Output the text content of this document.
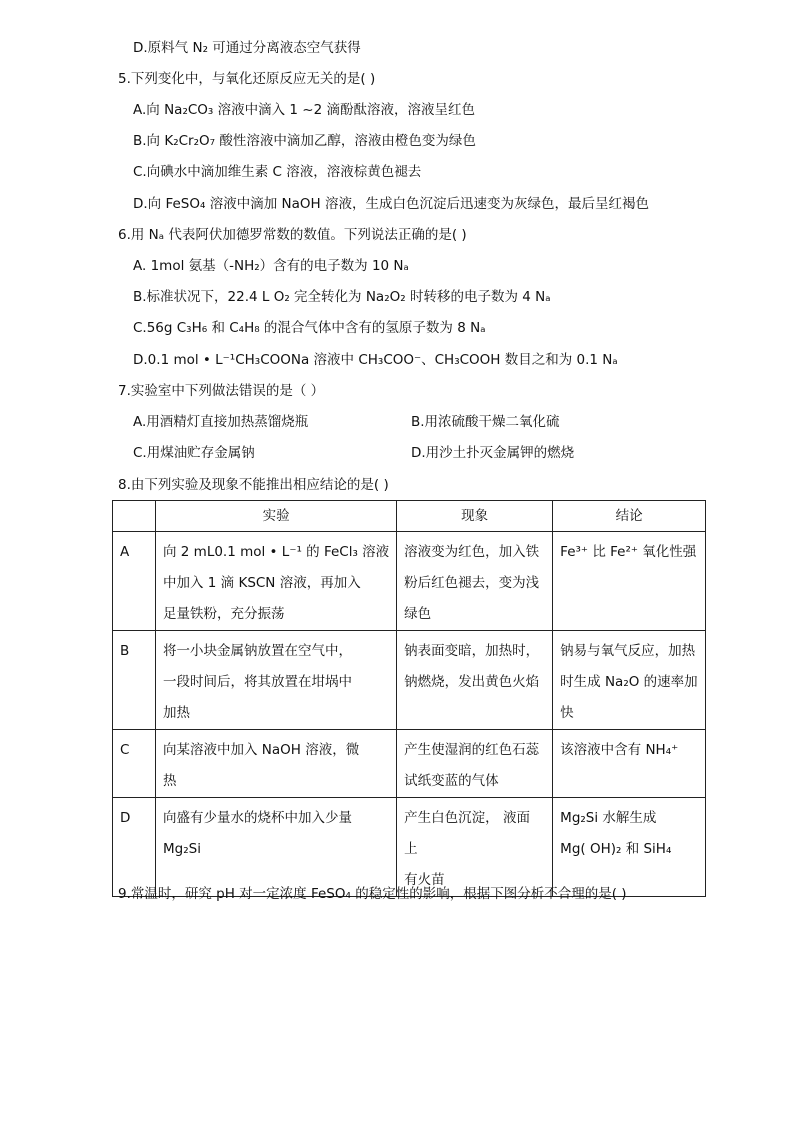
D.原料气 N₂ 可通过分离液态空气获得
5.下列变化中，与氧化还原反应无关的是( )
A.向 Na₂CO₃ 溶液中滴入 1 ~2 滴酚酞溶液，溶液呈红色
B.向 K₂Cr₂O₇ 酸性溶液中滴加乙醇，溶液由橙色变为绿色
C.向碘水中滴加维生素 C 溶液，溶液棕黄色褪去
D.向 FeSO₄ 溶液中滴加 NaOH 溶液，生成白色沉淀后迅速变为灰绿色，最后呈红褐色
6.用 Nₐ 代表阿伏加德罗常数的数值。下列说法正确的是( )
A. 1mol 氨基（-NH₂）含有的电子数为 10 Nₐ
B.标准状况下，22.4 L O₂ 完全转化为 Na₂O₂ 时转移的电子数为 4 Nₐ
C.56g C₃H₆ 和 C₄H₈ 的混合气体中含有的氢原子数为 8 Nₐ
D.0.1 mol • L⁻¹CH₃COONa 溶液中 CH₃COO⁻、CH₃COOH 数目之和为 0.1 Nₐ
7.实验室中下列做法错误的是（ ）
A.用酒精灯直接加热蒸馏烧瓶	B.用浓硫酸干燥二氧化硫
C.用煤油贮存金属钠	D.用沙土扑灭金属钾的燃烧
8.由下列实验及现象不能推出相应结论的是( )
	实验	现象	结论
A	向 2 mL0.1 mol • L⁻¹ 的 FeCl₃ 溶液
中加入 1 滴 KSCN 溶液，再加入
足量铁粉，充分振荡	溶液变为红色，加入铁
粉后红色褪去，变为浅
绿色	Fe³⁺ 比 Fe²⁺ 氧化性强

B	将一小块金属钠放置在空气中，
一段时间后，将其放置在坩埚中
加热	钠表面变暗，加热时，
钠燃烧，发出黄色火焰	钠易与氧气反应，加热
时生成 Na₂O 的速率加
快

C	向某溶液中加入 NaOH 溶液，微
热	产生使湿润的红色石蕊
试纸变蓝的气体	该溶液中含有 NH₄⁺

D	向盛有少量水的烧杯中加入少量
Mg₂Si	产生白色沉淀， 液面
上
有火苗	Mg₂Si 水解生成
Mg( OH)₂ 和 SiH₄
9.常温时，研究 pH 对一定浓度 FeSO₄ 的稳定性的影响，根据下图分析不合理的是( )
